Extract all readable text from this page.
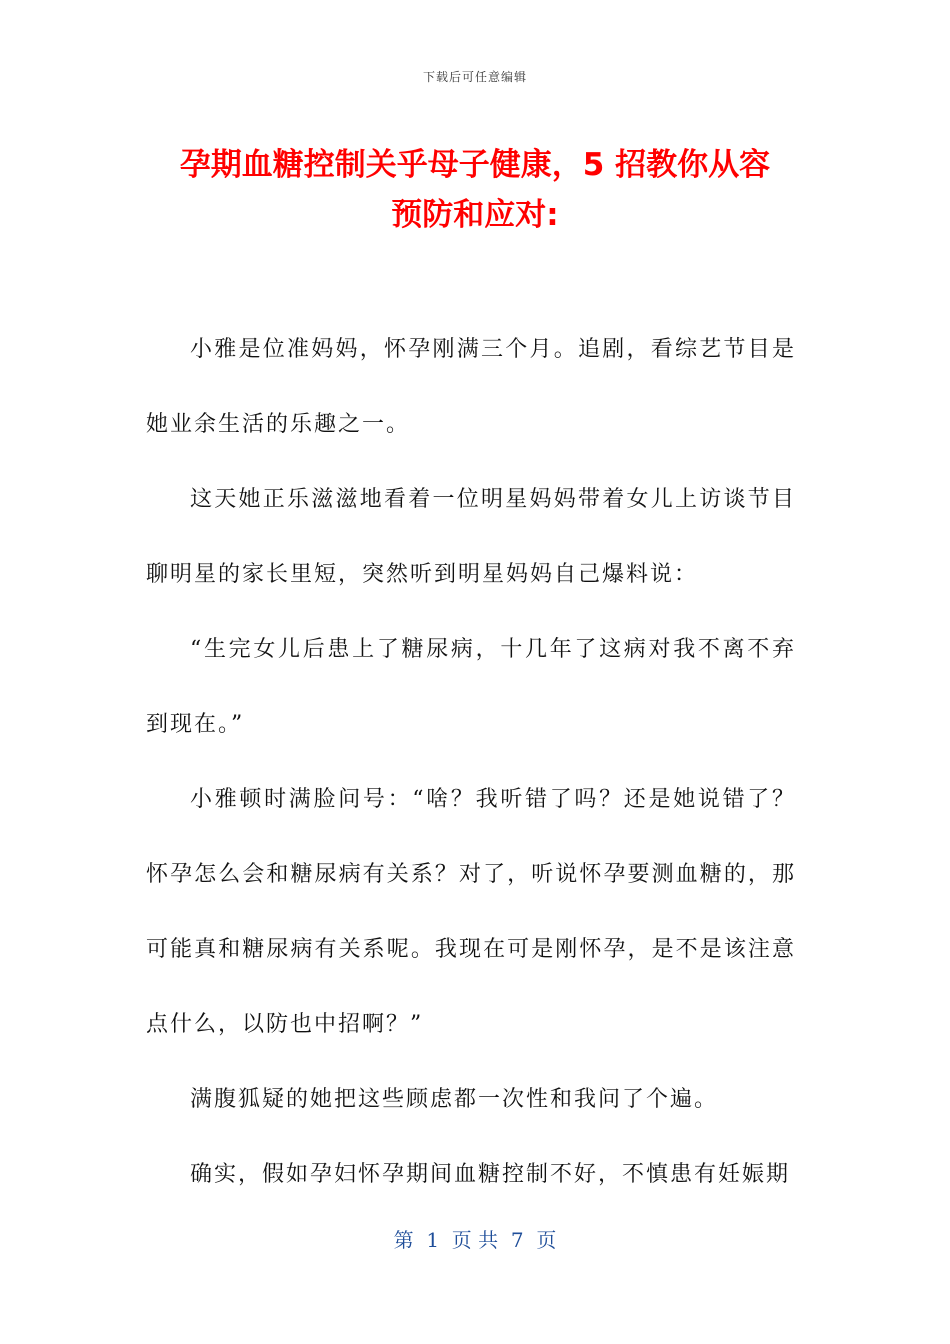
下载后可任意编辑
孕期血糖控制关乎母子健康，5 招教你从容
预防和应对:

小雅是位准妈妈，怀孕刚满三个月。追剧，看综艺节目是她业余生活的乐趣之一。

这天她正乐滋滋地看着一位明星妈妈带着女儿上访谈节目聊明星的家长里短，突然听到明星妈妈自己爆料说：

“生完女儿后患上了糖尿病，十几年了这病对我不离不弃到现在。”

小雅顿时满脸问号：“啥？我听错了吗？还是她说错了？怀孕怎么会和糖尿病有关系？对了，听说怀孕要测血糖的，那可能真和糖尿病有关系呢。我现在可是刚怀孕，是不是该注意点什么，以防也中招啊？”

满腹狐疑的她把这些顾虑都一次性和我问了个遍。

确实，假如孕妇怀孕期间血糖控制不好，不慎患有妊娠期

第  1  页 共  7  页
